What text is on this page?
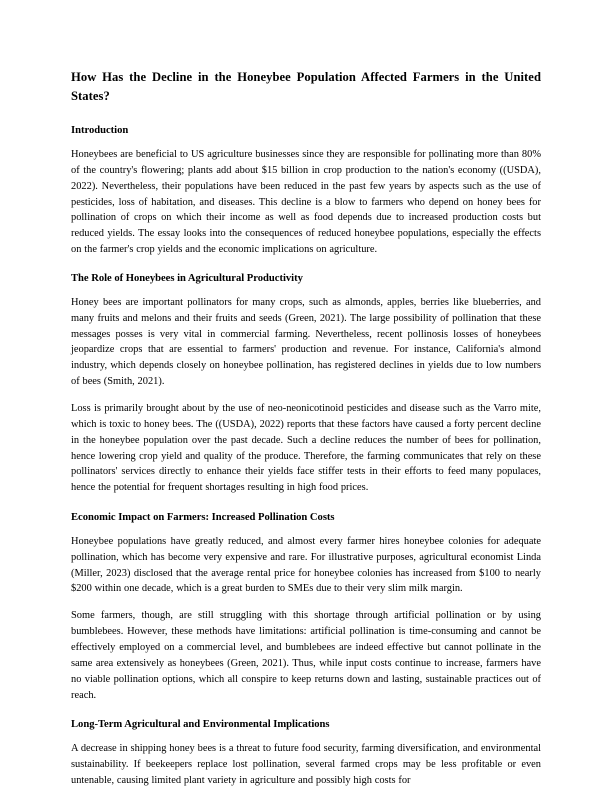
How Has the Decline in the Honeybee Population Affected Farmers in the United States?
Introduction

Honeybees are beneficial to US agriculture businesses since they are responsible for pollinating more than 80% of the country's flowering; plants add about $15 billion in crop production to the nation's economy ((USDA), 2022). Nevertheless, their populations have been reduced in the past few years by aspects such as the use of pesticides, loss of habitation, and diseases. This decline is a blow to farmers who depend on honey bees for pollination of crops on which their income as well as food depends due to increased production costs but reduced yields. The essay looks into the consequences of reduced honeybee populations, especially the effects on the farmer's crop yields and the economic implications on agriculture.

The Role of Honeybees in Agricultural Productivity

Honey bees are important pollinators for many crops, such as almonds, apples, berries like blueberries, and many fruits and melons and their fruits and seeds (Green, 2021). The large possibility of pollination that these messages posses is very vital in commercial farming. Nevertheless, recent pollinosis losses of honeybees jeopardize crops that are essential to farmers' production and revenue. For instance, California's almond industry, which depends closely on honeybee pollination, has registered declines in yields due to low numbers of bees (Smith, 2021).

Loss is primarily brought about by the use of neo-neonicotinoid pesticides and disease such as the Varro mite, which is toxic to honey bees. The ((USDA), 2022) reports that these factors have caused a forty percent decline in the honeybee population over the past decade. Such a decline reduces the number of bees for pollination, hence lowering crop yield and quality of the produce. Therefore, the farming communicates that rely on these pollinators' services directly to enhance their yields face stiffer tests in their efforts to feed many populaces, hence the potential for frequent shortages resulting in high food prices.

Economic Impact on Farmers: Increased Pollination Costs

Honeybee populations have greatly reduced, and almost every farmer hires honeybee colonies for adequate pollination, which has become very expensive and rare. For illustrative purposes, agricultural economist Linda (Miller, 2023) disclosed that the average rental price for honeybee colonies has increased from $100 to nearly $200 within one decade, which is a great burden to SMEs due to their very slim milk margin.

Some farmers, though, are still struggling with this shortage through artificial pollination or by using bumblebees. However, these methods have limitations: artificial pollination is time-consuming and cannot be effectively employed on a commercial level, and bumblebees are indeed effective but cannot pollinate in the same area extensively as honeybees (Green, 2021). Thus, while input costs continue to increase, farmers have no viable pollination options, which all conspire to keep returns down and lasting, sustainable practices out of reach.

Long-Term Agricultural and Environmental Implications

A decrease in shipping honey bees is a threat to future food security, farming diversification, and environmental sustainability. If beekeepers replace lost pollination, several farmed crops may be less profitable or even untenable, causing limited plant variety in agriculture and possibly high costs for
